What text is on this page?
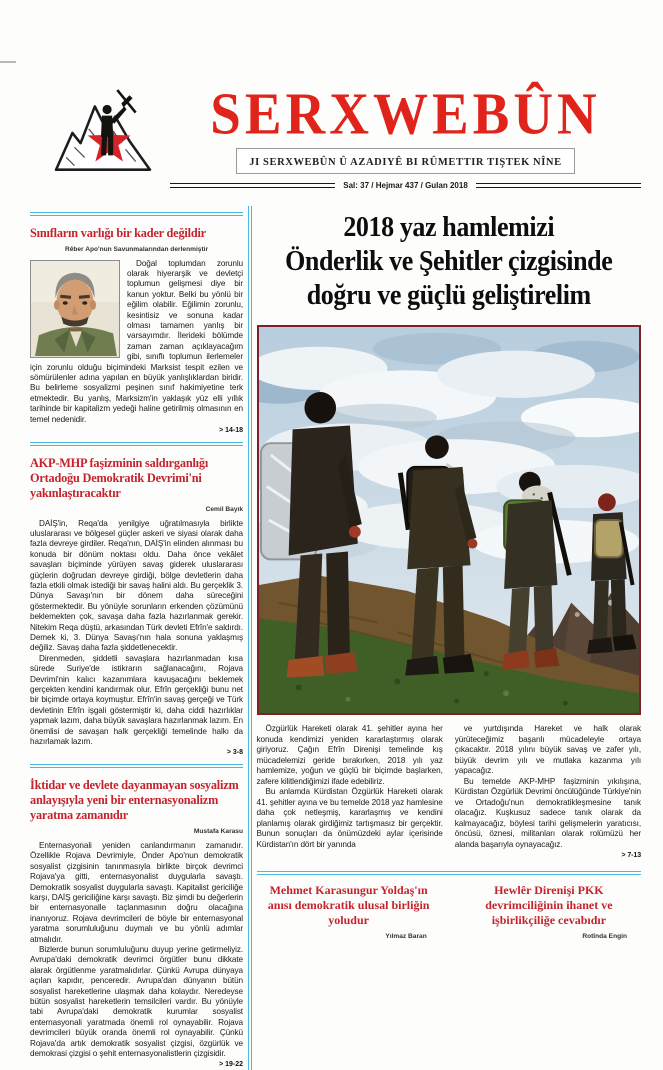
SERXWEBÛN
JI SERXWEBÛN Û AZADIYÊ BI RÛMETTIR TIŞTEK NÎNE
Sal: 37 / Hejmar 437 / Gulan 2018
Sınıfların varlığı bir kader değildir
Rêber Apo'nun Savunmalarından derlenmiştir

Doğal toplumdan zorunlu olarak hiyerarşik ve devletçi toplumun gelişmesi diye bir kanun yoktur. Belki bu yönlü bir eğilim olabilir. Eğilimin zorunlu, kesintisiz ve sonuna kadar olması tamamen yanlış bir varsayımdır. İlerideki bölümde zaman zaman açıklayacağım gibi, sınıflı toplumun ilerlemeler için zorunlu olduğu biçimindeki Marksist tespit ezilen ve sömürülenler adına yapılan en büyük yanlışlıklardan biridir. Bu belirleme sosyalizmi peşinen sınıf hakimiyetine terk etmektedir. Bu yanlış, Marksizm'in yaklaşık yüz elli yıllık tarihinde bir kapitalizm yedeği haline getirilmiş olmasının en temel nedenidir.

> 14-18
AKP-MHP faşizminin saldırganlığı Ortadoğu Demokratik Devrimi'ni yakınlaştıracaktır
Cemil Bayık

DAİŞ'in, Reqa'da yenilgiye uğratılmasıyla birlikte uluslararası ve bölgesel güçler askeri ve siyasi olarak daha fazla devreye girdiler. Reqa'nın, DAİŞ'in elinden alınması bu konuda bir dönüm noktası oldu. Daha önce vekâlet savaşları biçiminde yürüyen savaş giderek uluslararası güçlerin doğrudan devreye girdiği, bölge devletlerin daha fazla etkili olmak istediği bir savaş halini aldı. Bu gerçeklik 3. Dünya Savaşı'nın bir dönem daha süreceğini göstermektedir. Bu yönüyle sorunların erkenden çözümünü beklemekten çok, savaşa daha fazla hazırlanmak gerekir. Nitekim Reqa düştü, arkasından Türk devleti Efrîn'e saldırdı. Demek ki, 3. Dünya Savaşı'nın hala sonuna yaklaşmış değiliz. Savaş daha fazla şiddetlenecektir.

Direnmeden, şiddetli savaşlara hazırlanmadan kısa sürede Suriye'de istikrarın sağlanacağını, Rojava Devrimi'nin kalıcı kazanımlara kavuşacağını beklemek gerçekten kendini kandırmak olur. Efrîn gerçekliği bunu net bir biçimde ortaya koymuştur. Efrîn'in savaş gerçeği ve Türk devletinin Efrîn işgali göstermiştir ki, daha ciddi hazırlıklar yapmak lazım, daha büyük savaşlara hazırlanmak lazım. En önemlisi de savaşan halk gerçekliği temelinde halkı da hazırlamak lazım.

> 3-8
İktidar ve devlete dayanmayan sosyalizm anlayışıyla yeni bir enternasyonalizm yaratma zamanıdır
Mustafa Karasu

Enternasyonali yeniden canlandırmanın zamanıdır. Özellikle Rojava Devrimiyle, Önder Apo'nun demokratik sosyalist çizgisinin tanınmasıyla birlikte birçok devrimci Rojava'ya gitti, enternasyonalist duygularla savaştı. Demokratik sosyalist duygularla savaştı. Kapitalist gericiliğe karşı, DAİŞ gericiliğine karşı savaştı. Biz şimdi bu değerlerin bir enternasyonalle taçlanmasının doğru olacağına inanıyoruz. Rojava devrimcileri de böyle bir enternasyonal yaratma sorumluluğunu duymalı ve bu yönlü adımlar atmalıdır.

Bizlerde bunun sorumluluğunu duyup yerine getirmeliyiz. Avrupa'daki demokratik devrimci örgütler bunu dikkate alarak örgütlenme yaratmalıdırlar. Çünkü Avrupa dünyaya açılan kapıdır, penceredir. Avrupa'dan dünyanın bütün sosyalist hareketlerine ulaşmak daha kolaydır. Neredeyse bütün sosyalist hareketlerin temsilcileri vardır. Bu yönüyle tabi Avrupa'daki demokratik kurumlar sosyalist enternasyonali yaratmada önemli rol oynayabilir. Rojava devrimcileri büyük oranda önemli rol oynayabilir. Çünkü Rojava'da artık demokratik sosyalist çizgisi, özgürlük ve demokrasi çizgisi o şehit enternasyonalistlerin çizgisidir.

> 19-22
2018 yaz hamlemizi
Önderlik ve Şehitler çizgisinde
doğru ve güçlü geliştirelim

Özgürlük Hareketi olarak 41. şehitler ayına her konuda kendimizi yeniden kararlaştırmış olarak giriyoruz. Çağın Efrîn Direnişi temelinde kış mücadelemizi geride bırakırken, 2018 yılı yaz hamlemize, yoğun ve güçlü bir biçimde başlarken, zafere kilitlendiğimizi ifade edebiliriz.

Bu anlamda Kürdistan Özgürlük Hareketi olarak 41. şehitler ayına ve bu temelde 2018 yaz hamlesine daha çok netleşmiş, kararlaşmış ve kendini planlamış olarak girdiğimiz tartışmasız bir gerçektir. Bunun sonuçları da önümüzdeki aylar içerisinde Kürdistan'ın dört bir yanında

ve yurtdışında Hareket ve halk olarak yürüteceğimiz başarılı mücadeleyle ortaya çıkacaktır. 2018 yılını büyük savaş ve zafer yılı, büyük devrim yılı ve mutlaka kazanma yılı yapacağız.

Bu temelde AKP-MHP faşizminin yıkılışına, Kürdistan Özgürlük Devrimi öncülüğünde Türkiye'nin ve Ortadoğu'nun demokratikleşmesine tanık olacağız. Kuşkusuz sadece tanık olarak da kalmayacağız, böylesi tarihi gelişmelerin yaratıcısı, öncüsü, öznesi, militanları olarak rolümüzü her alanda başarıyla oynayacağız.

> 7-13
Mehmet Karasungur Yoldaş'ın anısı demokratik ulusal birliğin yoludur
Yılmaz Baran
Hewlêr Direnişi PKK devrimciliğinin ihanet ve işbirlikçiliğe cevabıdır
Rotînda Engin
